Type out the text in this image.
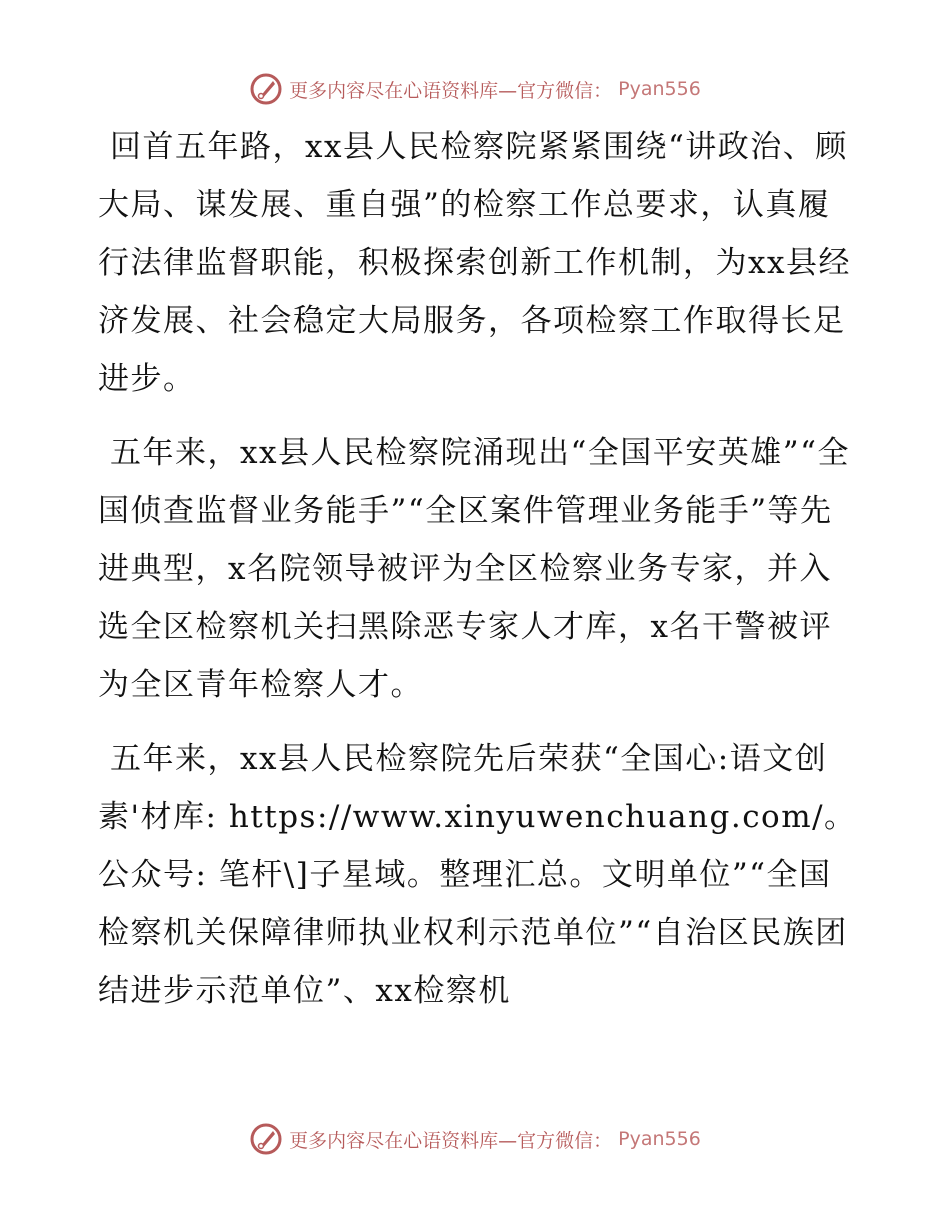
更多内容尽在心语资料库—官方微信： Pyan556

回首五年路，xx县人民检察院紧紧围绕“讲政治、顾大局、谋发展、重自强”的检察工作总要求，认真履行法律监督职能，积极探索创新工作机制，为xx县经济发展、社会稳定大局服务，各项检察工作取得长足进步。

五年来，xx县人民检察院涌现出“全国平安英雄”“全国侦查监督业务能手”“全区案件管理业务能手”等先进典型，x名院领导被评为全区检察业务专家，并入选全区检察机关扫黑除恶专家人才库，x名干警被评为全区青年检察人才。

五年来，xx县人民检察院先后荣获“全国心:语文创素'材库: https://www.xinyuwenchuang.com/。公众号: 笔杆\]子星域。整理汇总。文明单位”“全国检察机关保障律师执业权利示范单位”“自治区民族团结进步示范单位”、xx检察机

更多内容尽在心语资料库—官方微信： Pyan556
